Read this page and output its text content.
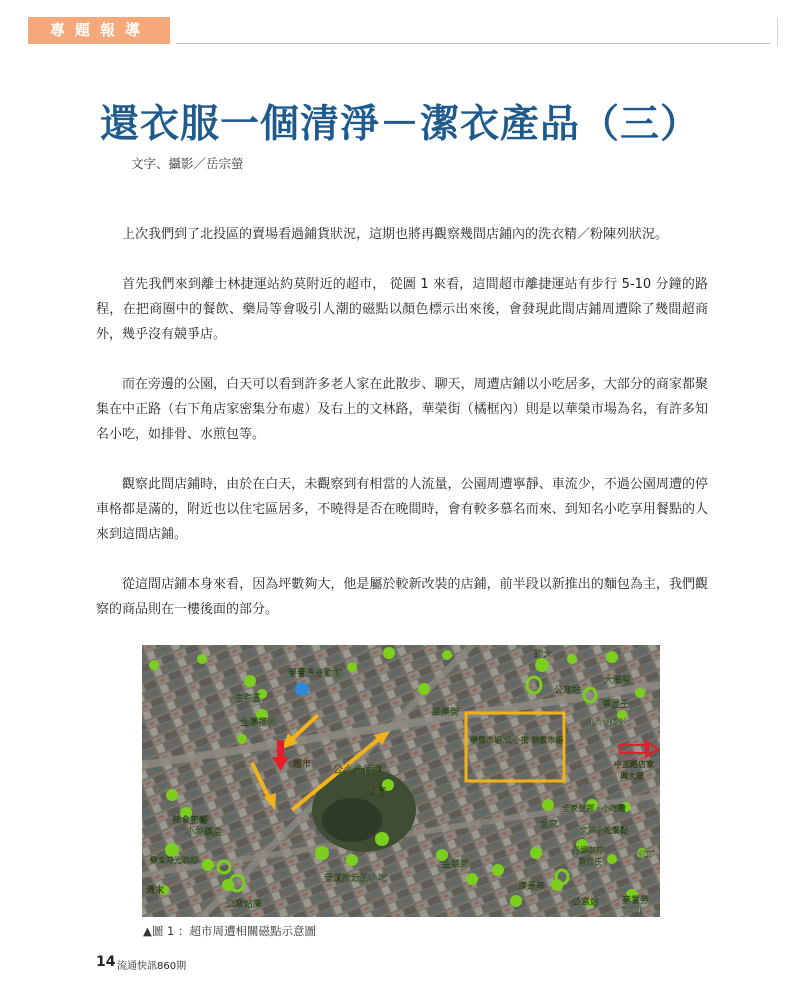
專題報導
還衣服一個清淨－潔衣產品（三）
文字、攝影／岳宗螢

上次我們到了北投區的賣場看過鋪貨狀況，這期也將再觀察幾間店鋪內的洗衣精／粉陳列狀況。

首先我們來到離士林捷運站約莫附近的超市， 從圖 1 來看，這間超市離捷運站有步行 5-10 分鐘的路程，在把商圈中的餐飲、藥局等會吸引人潮的磁點以顏色標示出來後，會發現此間店鋪周遭除了幾間超商外，幾乎沒有競爭店。

而在旁邊的公園，白天可以看到許多老人家在此散步、聊天，周遭店鋪以小吃居多，大部分的商家都聚集在中正路（右下角店家密集分布處）及右上的文林路，華榮街（橘框內）則是以華榮市場為名，有許多知名小吃，如排骨、水煎包等。

觀察此間店鋪時，由於在白天，未觀察到有相當的人流量，公園周遭寧靜、車流少，不過公園周遭的停車格都是滿的，附近也以住宅區居多，不曉得是否在晚間時，會有較多慕名而來、到知名小吃享用餐點的人來到這間店鋪。

從這間店鋪本身來看，因為坪數夠大，他是屬於較新改裝的店鋪，前半段以新推出的麵包為主，我們觀察的商品則在一樓後面的部分。

晉譽房舍動物
住宅區
全聯福利
超市 公小步行道
公園
華榮市場/公小街 華榮市場
美食廚藝
小林藥店
樂食時光咖啡
公車站牌
週末
巷道附近的小吃
金華街
華榮街
師大
公車站
大潤發
LA NEW
中正路店家
與大眾
全家便利 · 小吃攤
全家
文林小吃餐點
丹堤咖啡
屈臣氏
NET
公車站
康是美
7-11
麥當勞
漢堡王
▲圖 1 ：超市周遭相關磁點示意圖
14 流通快訊860期
